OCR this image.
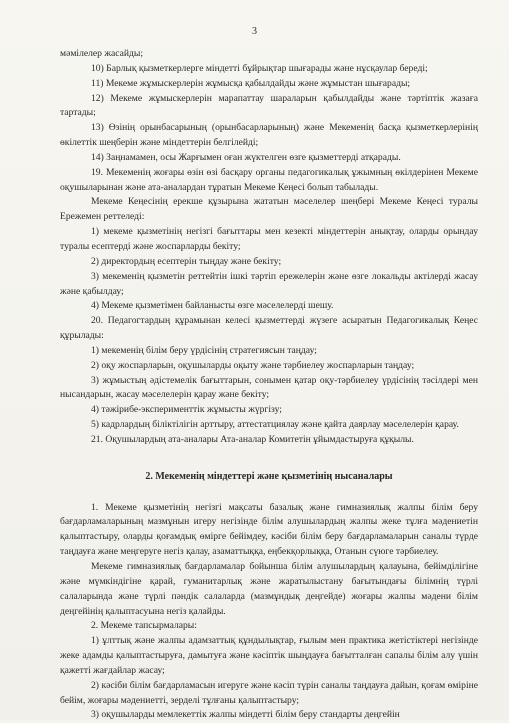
3

мәмілелер жасайды;

10) Барлық қызметкерлерге міндетті бұйрықтар шығарады және нұсқаулар береді;

11) Мекеме жұмыскерлерін жұмысқа қабылдайды және жұмыстан шығарады;

12) Мекеме жұмыскерлерін марапаттау шараларын қабылдайды және тәртіптік жазаға тартады;

13) Өзінің орынбасарының (орынбасарларының) және Мекеменің басқа қызметкерлерінің өкілеттік шеңберін және міндеттерін белгілейді;

14) Заңнамамен, осы Жарғымен оған жүктелген өзге қызметтерді атқарады.

19. Мекеменің жоғары өзін өзі басқару органы педагогикалық ұжымның өкілдерінен Мекеме оқушыларынан және ата-аналардан тұратын Мекеме Кеңесі болып табылады.

Мекеме Кеңесінің ерекше құзырына жататын мәселелер шеңбері Мекеме Кеңесі туралы Ережемен реттеледі:

1) мекеме қызметінің негізгі бағыттары мен кезекті міндеттерін анықтау, оларды орындау туралы есептерді және жоспарларды бекіту;

2) директордың есептерін тыңдау және бекіту;

3) мекеменің қызметін реттейтін ішкі тәртіп ережелерін және өзге локальды актілерді жасау және қабылдау;

4) Мекеме қызметімен байланысты өзге мәселелерді шешу.

20. Педагогтардың құрамынан келесі қызметтерді жүзеге асыратын Педагогикалық Кеңес құрылады:

1) мекеменің білім беру үрдісінің стратегиясын таңдау;

2) оқу жоспарларын, оқушыларды оқыту және тәрбиелеу жоспарларын таңдау;

3) жұмыстың әдістемелік бағыттарын, сонымен қатар оқу-тәрбиелеу үрдісінің тәсілдері мен нысандарын, жасау мәселелерін қарау және бекіту;

4) тәжірибе-эксперименттік жұмысты жүргізу;

5) кадрлардың біліктілігін арттыру, аттестатциялау және қайта даярлау мәселелерін қарау.

21. Оқушылардың ата-аналары Ата-аналар Комитетін ұйымдастыруға құқылы.

2. Мекеменің міндеттері және қызметінің нысаналары

1. Мекеме қызметінің негізгі мақсаты базалық және гимназиялық жалпы білім беру бағдарламаларының мазмұнын игеру негізінде білім алушылардың жалпы жеке тұлға мәдениетін қалыптастыру, оларды қоғамдық өмірге бейімдеу, кәсіби білім беру бағдарламаларын саналы түрде таңдауға және меңгеруге негіз қалау, азаматтыққа, еңбекқорлыққа, Отанын сүюге тәрбиелеу.

Мекеме гимназиялық бағдарламалар бойынша білім алушылардың қалауына, бейімділігіне және мүмкіндігіне қарай, гуманитарлық және жаратылыстану бағытындағы білімнің түрлі салаларында және түрлі пәндік салаларда (мазмұндық деңгейде) жоғары жалпы мәдени білім деңгейінің қалыптасуына негіз қалайды.

2. Мекеме тапсырмалары:

1) ұлттық және жалпы адамзаттық құндылықтар, ғылым мен практика жетістіктері негізінде жеке адамды қалыптастыруға, дамытуға және кәсіптік шыңдауға бағытталған сапалы білім алу үшін қажетті жағдайлар жасау;

2) кәсіби білім бағдарламасын игеруге және кәсіп түрін саналы таңдауға дайын, қоғам өміріне бейім, жоғары мәдениетті, зерделі тұлғаны қалыптастыру;

3) оқушыларды мемлекеттік жалпы міндетті білім беру стандарты деңгейін
